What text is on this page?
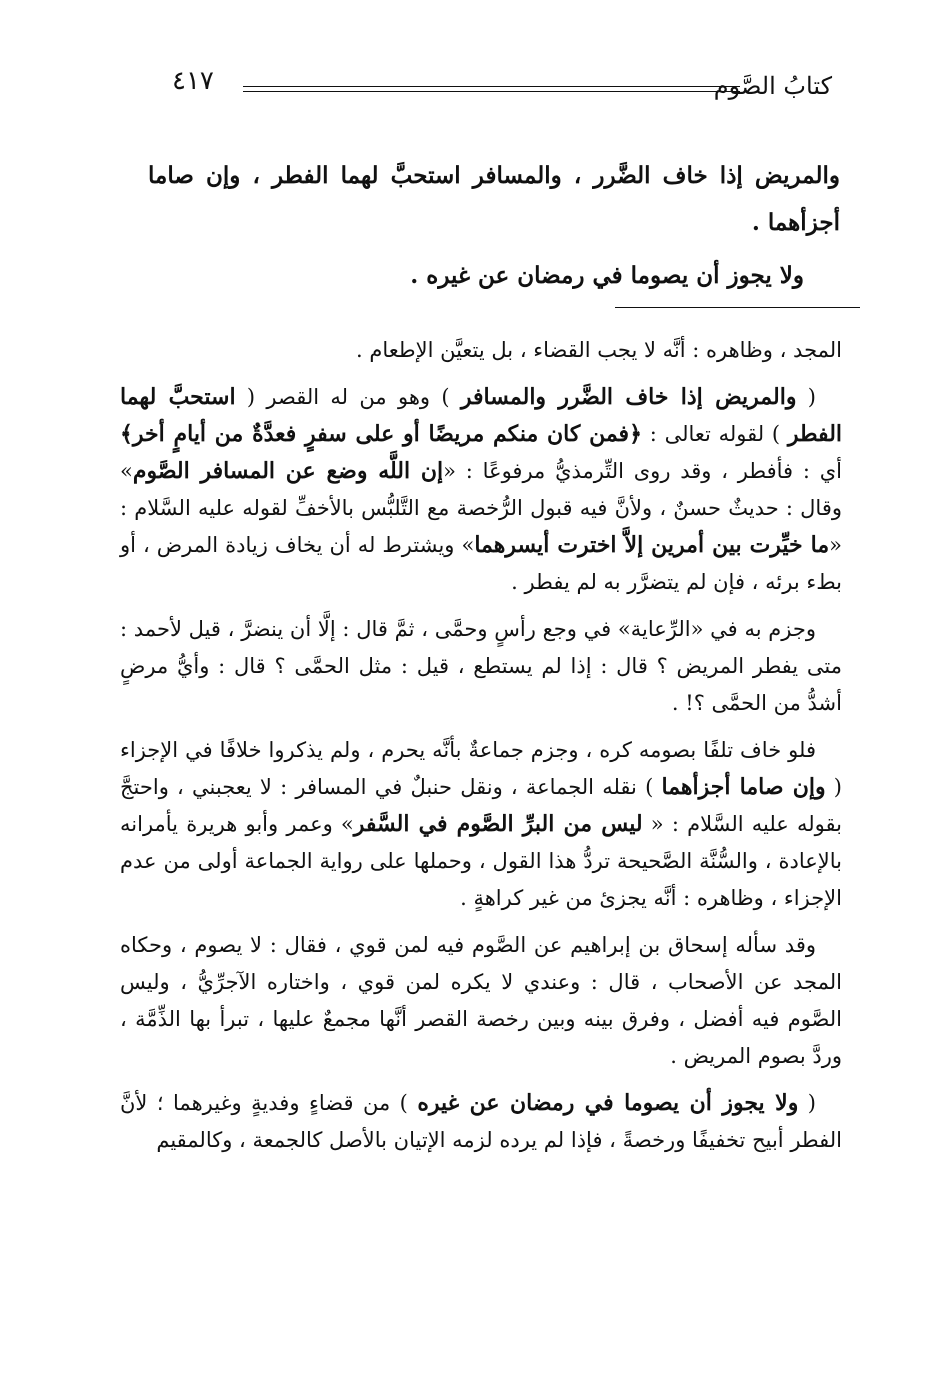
كتابُ الصَّوم
٤١٧

والمريض إذا خاف الضَّرر ، والمسافر استحبَّ لهما الفطر ، وإن صاما أجزأهما .

ولا يجوز أن يصوما في رمضان عن غيره .

المجد ، وظاهره : أنَّه لا يجب القضاء ، بل يتعيَّن الإطعام .

( والمريض إذا خاف الضَّرر والمسافر ) وهو من له القصر ( استحبَّ لهما الفطر ) لقوله تعالى : ﴿فمن كان منكم مريضًا أو على سفرٍ فعدَّةٌ من أيامٍ أخر﴾ أي : فأفطر ، وقد روى التِّرمذيُّ مرفوعًا : «إن اللَّه وضع عن المسافر الصَّوم» وقال : حديثٌ حسنٌ ، ولأنَّ فيه قبول الرُّخصة مع التَّلبُّس بالأخفِّ لقوله عليه السَّلام : «ما خيِّرت بين أمرين إلاَّ اخترت أيسرهما» ويشترط له أن يخاف زيادة المرض ، أو بطء برئه ، فإن لم يتضرَّر به لم يفطر .

وجزم به في «الرِّعاية» في وجع رأسٍ وحمَّى ، ثمَّ قال : إلَّا أن ينضرَّ ، قيل لأحمد : متى يفطر المريض ؟ قال : إذا لم يستطع ، قيل : مثل الحمَّى ؟ قال : وأيُّ مرضٍ أشدُّ من الحمَّى ؟! .

فلو خاف تلفًا بصومه كره ، وجزم جماعةٌ بأنَّه يحرم ، ولم يذكروا خلافًا في الإجزاء ( وإن صاما أجزأهما ) نقله الجماعة ، ونقل حنبلٌ في المسافر : لا يعجبني ، واحتجَّ بقوله عليه السَّلام : « ليس من البرِّ الصَّوم في السَّفر» وعمر وأبو هريرة يأمرانه بالإعادة ، والسُّنَّة الصَّحيحة تردُّ هذا القول ، وحملها على رواية الجماعة أولى من عدم الإجزاء ، وظاهره : أنَّه يجزئ من غير كراهةٍ .

وقد سأله إسحاق بن إبراهيم عن الصَّوم فيه لمن قوي ، فقال : لا يصوم ، وحكاه المجد عن الأصحاب ، قال : وعندي لا يكره لمن قوي ، واختاره الآجرِّيُّ ، وليس الصَّوم فيه أفضل ، وفرق بينه وبين رخصة القصر أنَّها مجمعٌ عليها ، تبرأ بها الذِّمَّة ، وردَّ بصوم المريض .

( ولا يجوز أن يصوما في رمضان عن غيره ) من قضاءٍ وفديةٍ وغيرهما ؛ لأنَّ الفطر أبيح تخفيفًا ورخصةً ، فإذا لم يرده لزمه الإتيان بالأصل كالجمعة ، وكالمقيم
